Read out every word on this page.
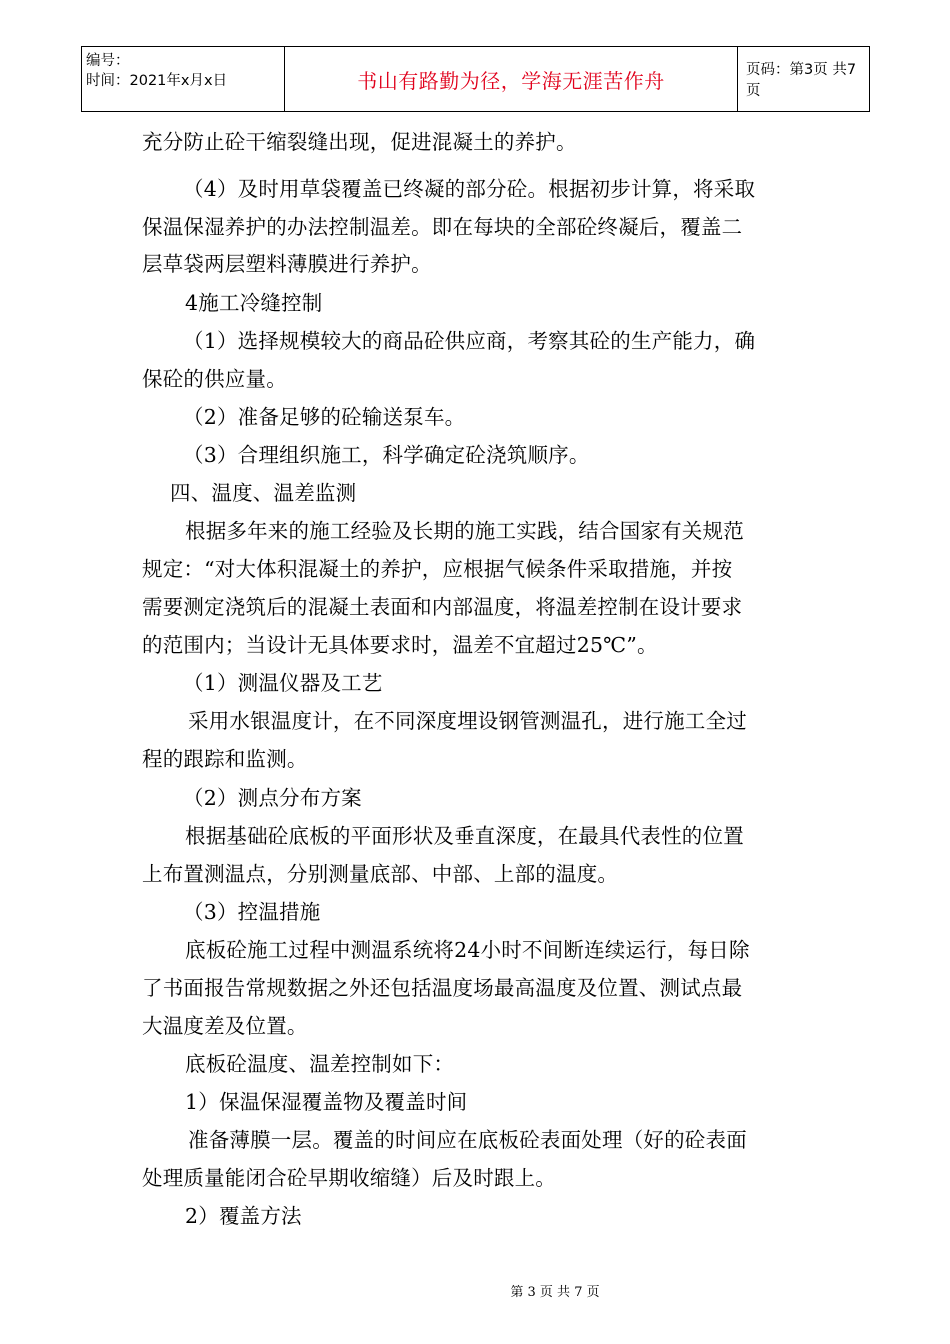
编号：
时间：2021年x月x日	书山有路勤为径，学海无涯苦作舟	页码：第3页 共7页
充分防止砼干缩裂缝出现，促进混凝土的养护。
（4）及时用草袋覆盖已终凝的部分砼。根据初步计算，将采取
保温保湿养护的办法控制温差。即在每块的全部砼终凝后，覆盖二
层草袋两层塑料薄膜进行养护。
4施工冷缝控制
（1）选择规模较大的商品砼供应商，考察其砼的生产能力，确
保砼的供应量。
（2）准备足够的砼输送泵车。
（3）合理组织施工，科学确定砼浇筑顺序。
四、温度、温差监测
根据多年来的施工经验及长期的施工实践，结合国家有关规范
规定：“对大体积混凝土的养护，应根据气候条件采取措施，并按
需要测定浇筑后的混凝土表面和内部温度，将温差控制在设计要求
的范围内；当设计无具体要求时，温差不宜超过25℃”。
（1）测温仪器及工艺
采用水银温度计，在不同深度埋设钢管测温孔，进行施工全过
程的跟踪和监测。
（2）测点分布方案
根据基础砼底板的平面形状及垂直深度，在最具代表性的位置
上布置测温点，分别测量底部、中部、上部的温度。
（3）控温措施
底板砼施工过程中测温系统将24小时不间断连续运行，每日除
了书面报告常规数据之外还包括温度场最高温度及位置、测试点最
大温度差及位置。
底板砼温度、温差控制如下：
1）保温保湿覆盖物及覆盖时间
准备薄膜一层。覆盖的时间应在底板砼表面处理（好的砼表面
处理质量能闭合砼早期收缩缝）后及时跟上。
2）覆盖方法
第 3 页 共 7 页
